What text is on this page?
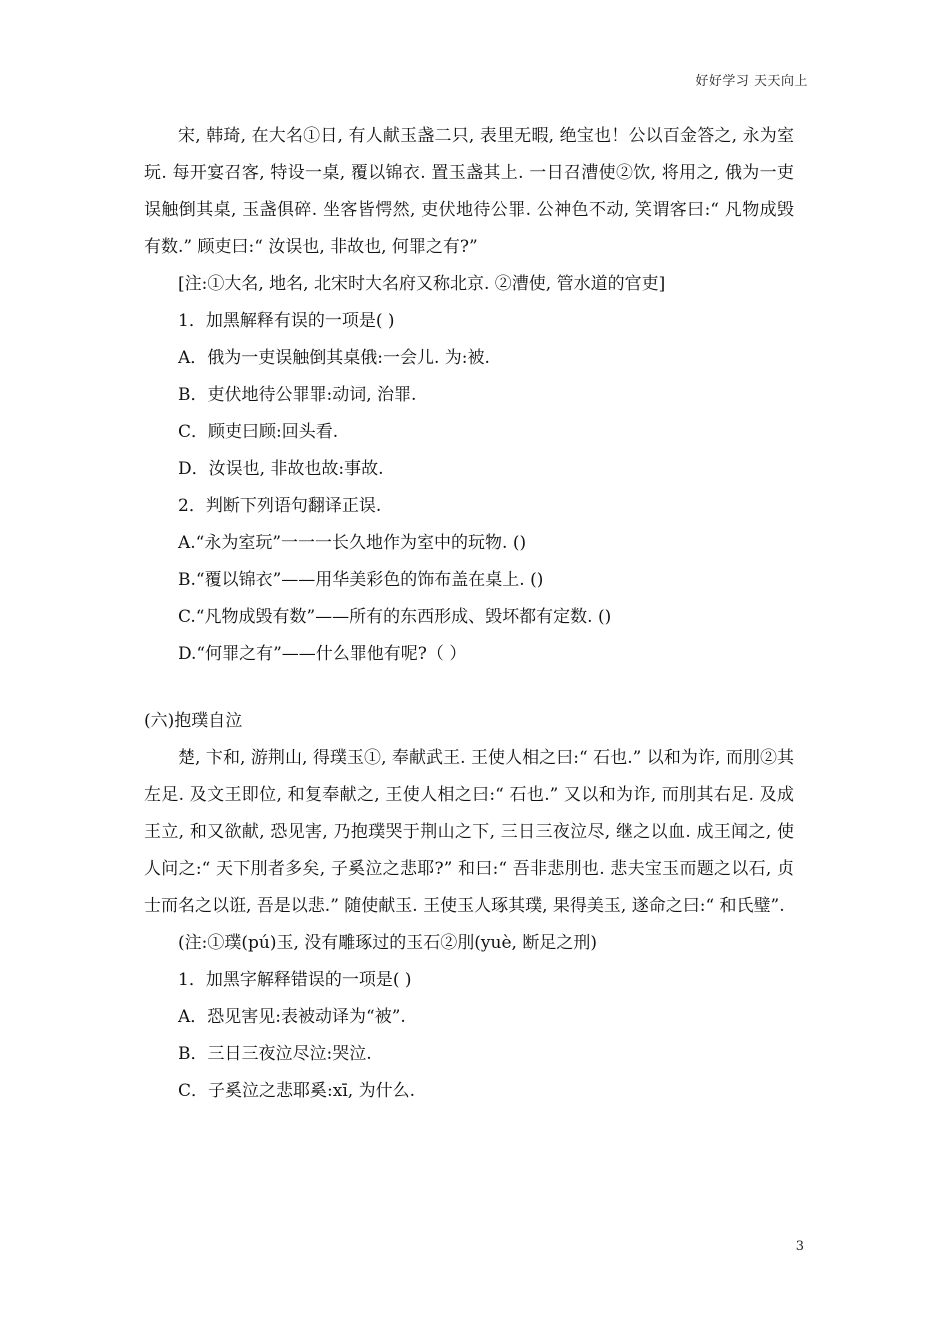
好好学习 天天向上

宋, 韩琦, 在大名①日, 有人献玉盏二只, 表里无暇, 绝宝也！公以百金答之, 永为室玩. 每开宴召客, 特设一桌, 覆以锦衣. 置玉盏其上. 一日召漕使②饮, 将用之, 俄为一吏误触倒其桌, 玉盏俱碎. 坐客皆愕然, 吏伏地待公罪. 公神色不动, 笑谓客曰:“ 凡物成毁有数.” 顾吏曰:“ 汝误也, 非故也, 何罪之有?”

[注:①大名, 地名, 北宋时大名府又称北京. ②漕使, 管水道的官吏]

1．加黑解释有误的一项是( )

A．俄为一吏误触倒其桌俄:一会儿. 为:被.

B．吏伏地待公罪罪:动词, 治罪.

C．顾吏曰顾:回头看.

D．汝误也, 非故也故:事故.

2．判断下列语句翻译正误.

A.“永为室玩”一一一长久地作为室中的玩物. ()

B.“覆以锦衣”——用华美彩色的饰布盖在桌上. ()

C.“凡物成毁有数”——所有的东西形成、毁坏都有定数. ()

D.“何罪之有”——什么罪他有呢?（ ）

(六)抱璞自泣

楚, 卞和, 游荆山, 得璞玉①, 奉献武王. 王使人相之曰:“ 石也.” 以和为诈, 而刖②其左足. 及文王即位, 和复奉献之, 王使人相之曰:“ 石也.” 又以和为诈, 而刖其右足. 及成王立, 和又欲献, 恐见害, 乃抱璞哭于荆山之下, 三日三夜泣尽, 继之以血. 成王闻之, 使人问之:“ 天下刖者多矣, 子奚泣之悲耶?” 和曰:“ 吾非悲刖也. 悲夫宝玉而题之以石, 贞士而名之以诳, 吾是以悲.” 随使献玉. 王使玉人琢其璞, 果得美玉, 遂命之曰:“ 和氏璧”.

(注:①璞(pú)玉, 没有雕琢过的玉石②刖(yuè, 断足之刑)

1．加黑字解释错误的一项是( )

A．恐见害见:表被动译为“被”.

B．三日三夜泣尽泣:哭泣.

C．子奚泣之悲耶奚:xī, 为什么.

3
